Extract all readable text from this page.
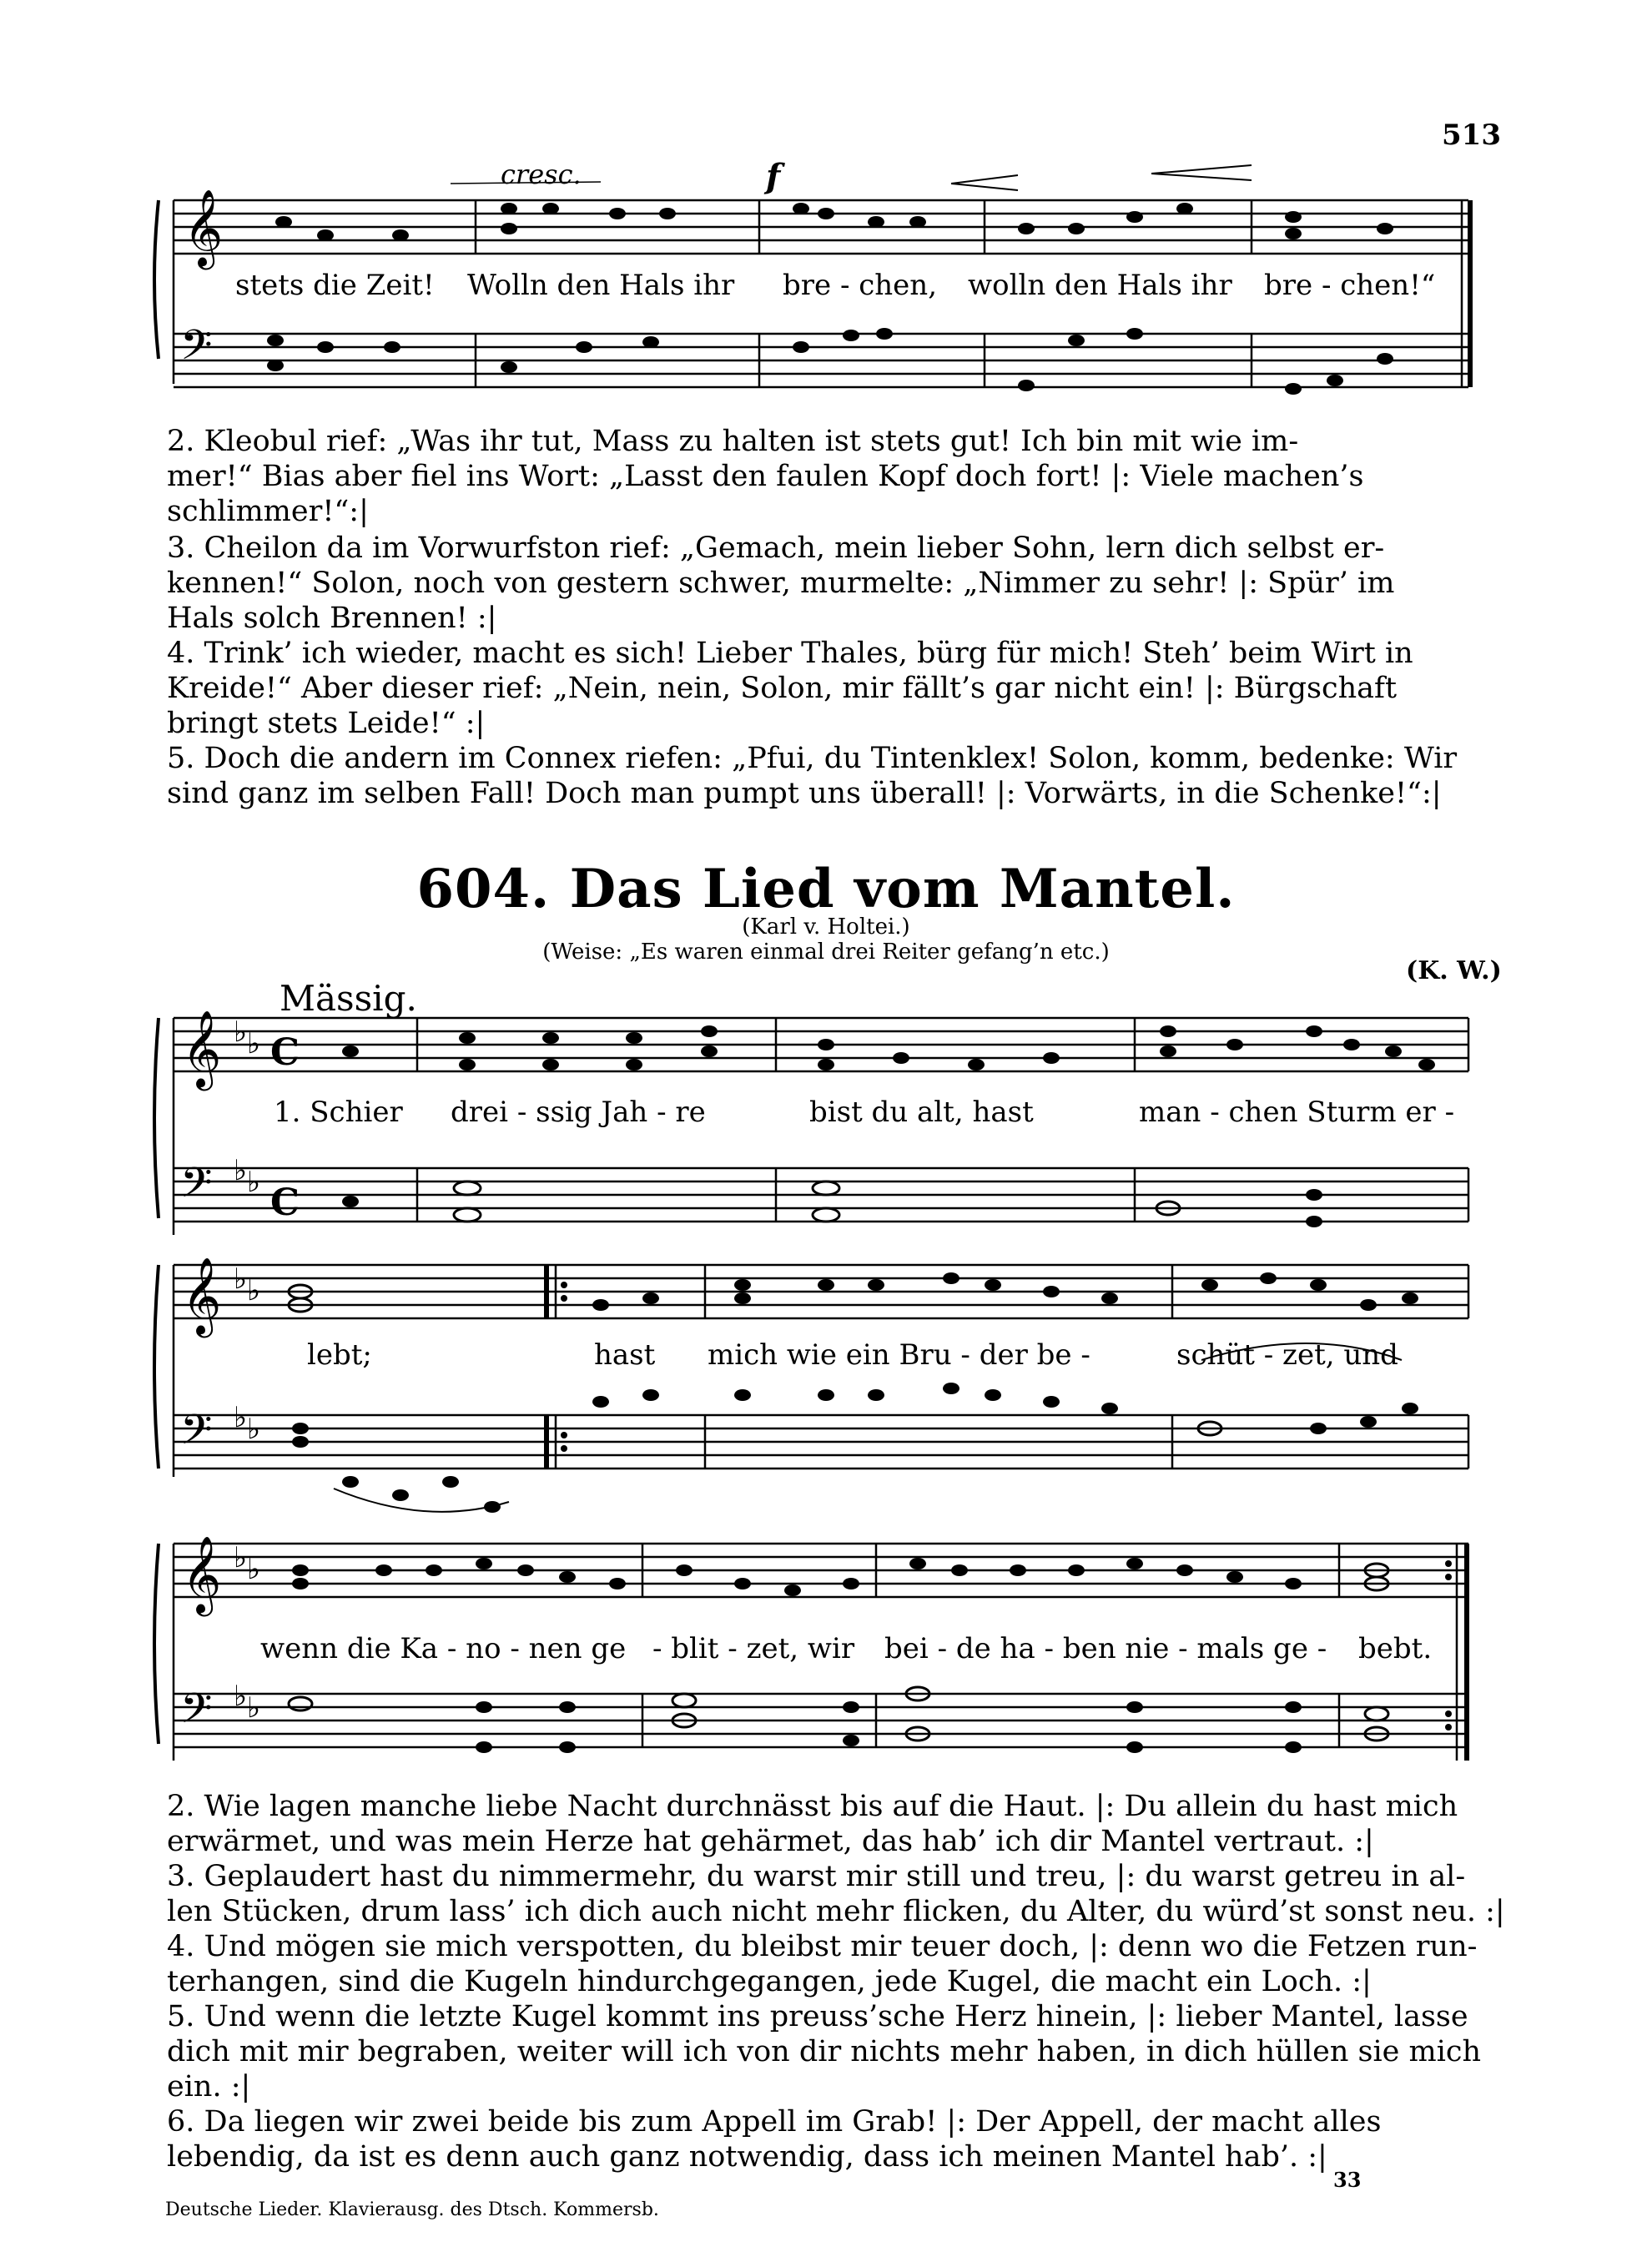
513
𝄞
𝄢
cresc.	f
stets die Zeit! Wolln den Hals ihr bre - chen, wolln den Hals ihr bre - chen!“
2. Kleobul rief: „Was ihr tut, Mass zu halten ist stets gut! Ich bin mit wie im-
mer!“ Bias aber fiel ins Wort: „Lasst den faulen Kopf doch fort! |: Viele machen’s
schlimmer!“:|
3. Cheilon da im Vorwurfston rief: „Gemach, mein lieber Sohn, lern dich selbst er-
kennen!“ Solon, noch von gestern schwer, murmelte: „Nimmer zu sehr! |: Spür’ im
Hals solch Brennen! :|
4. Trink’ ich wieder, macht es sich! Lieber Thales, bürg für mich! Steh’ beim Wirt in
Kreide!“ Aber dieser rief: „Nein, nein, Solon, mir fällt’s gar nicht ein! |: Bürgschaft
bringt stets Leide!“ :|
5. Doch die andern im Connex riefen: „Pfui, du Tintenklex! Solon, komm, bedenke: Wir
sind ganz im selben Fall! Doch man pumpt uns überall! |: Vorwärts, in die Schenke!“:|
604. Das Lied vom Mantel.
(Karl v. Holtei.)
(Weise: „Es waren einmal drei Reiter gefang’n etc.)
(K. W.)
Mässig.
𝄞 ♭ ♭ C
𝄢 ♭ ♭ C
1. Schier drei - ssig Jah - re	bist du alt, hast	man - chen Sturm er -
𝄞 ♭ ♭
𝄢 ♭ ♭
lebt;	hast mich wie ein Bru - der be -	schüt - zet, und
𝄞 ♭ ♭
𝄢 ♭ ♭
wenn die Ka - no - nen ge - blit - zet, wir bei - de ha - ben nie - mals ge - bebt.
2. Wie lagen manche liebe Nacht durchnässt bis auf die Haut. |: Du allein du hast mich
erwärmet, und was mein Herze hat gehärmet, das hab’ ich dir Mantel vertraut. :|
3. Geplaudert hast du nimmermehr, du warst mir still und treu, |: du warst getreu in al-
len Stücken, drum lass’ ich dich auch nicht mehr flicken, du Alter, du würd’st sonst neu. :|
4. Und mögen sie mich verspotten, du bleibst mir teuer doch, |: denn wo die Fetzen run-
terhangen, sind die Kugeln hindurchgegangen, jede Kugel, die macht ein Loch. :|
5. Und wenn die letzte Kugel kommt ins preuss’sche Herz hinein, |: lieber Mantel, lasse
dich mit mir begraben, weiter will ich von dir nichts mehr haben, in dich hüllen sie mich
ein. :|
6. Da liegen wir zwei beide bis zum Appell im Grab! |: Der Appell, der macht alles
lebendig, da ist es denn auch ganz notwendig, dass ich meinen Mantel hab’. :|
33
Deutsche Lieder. Klavierausg. des Dtsch. Kommersb.
